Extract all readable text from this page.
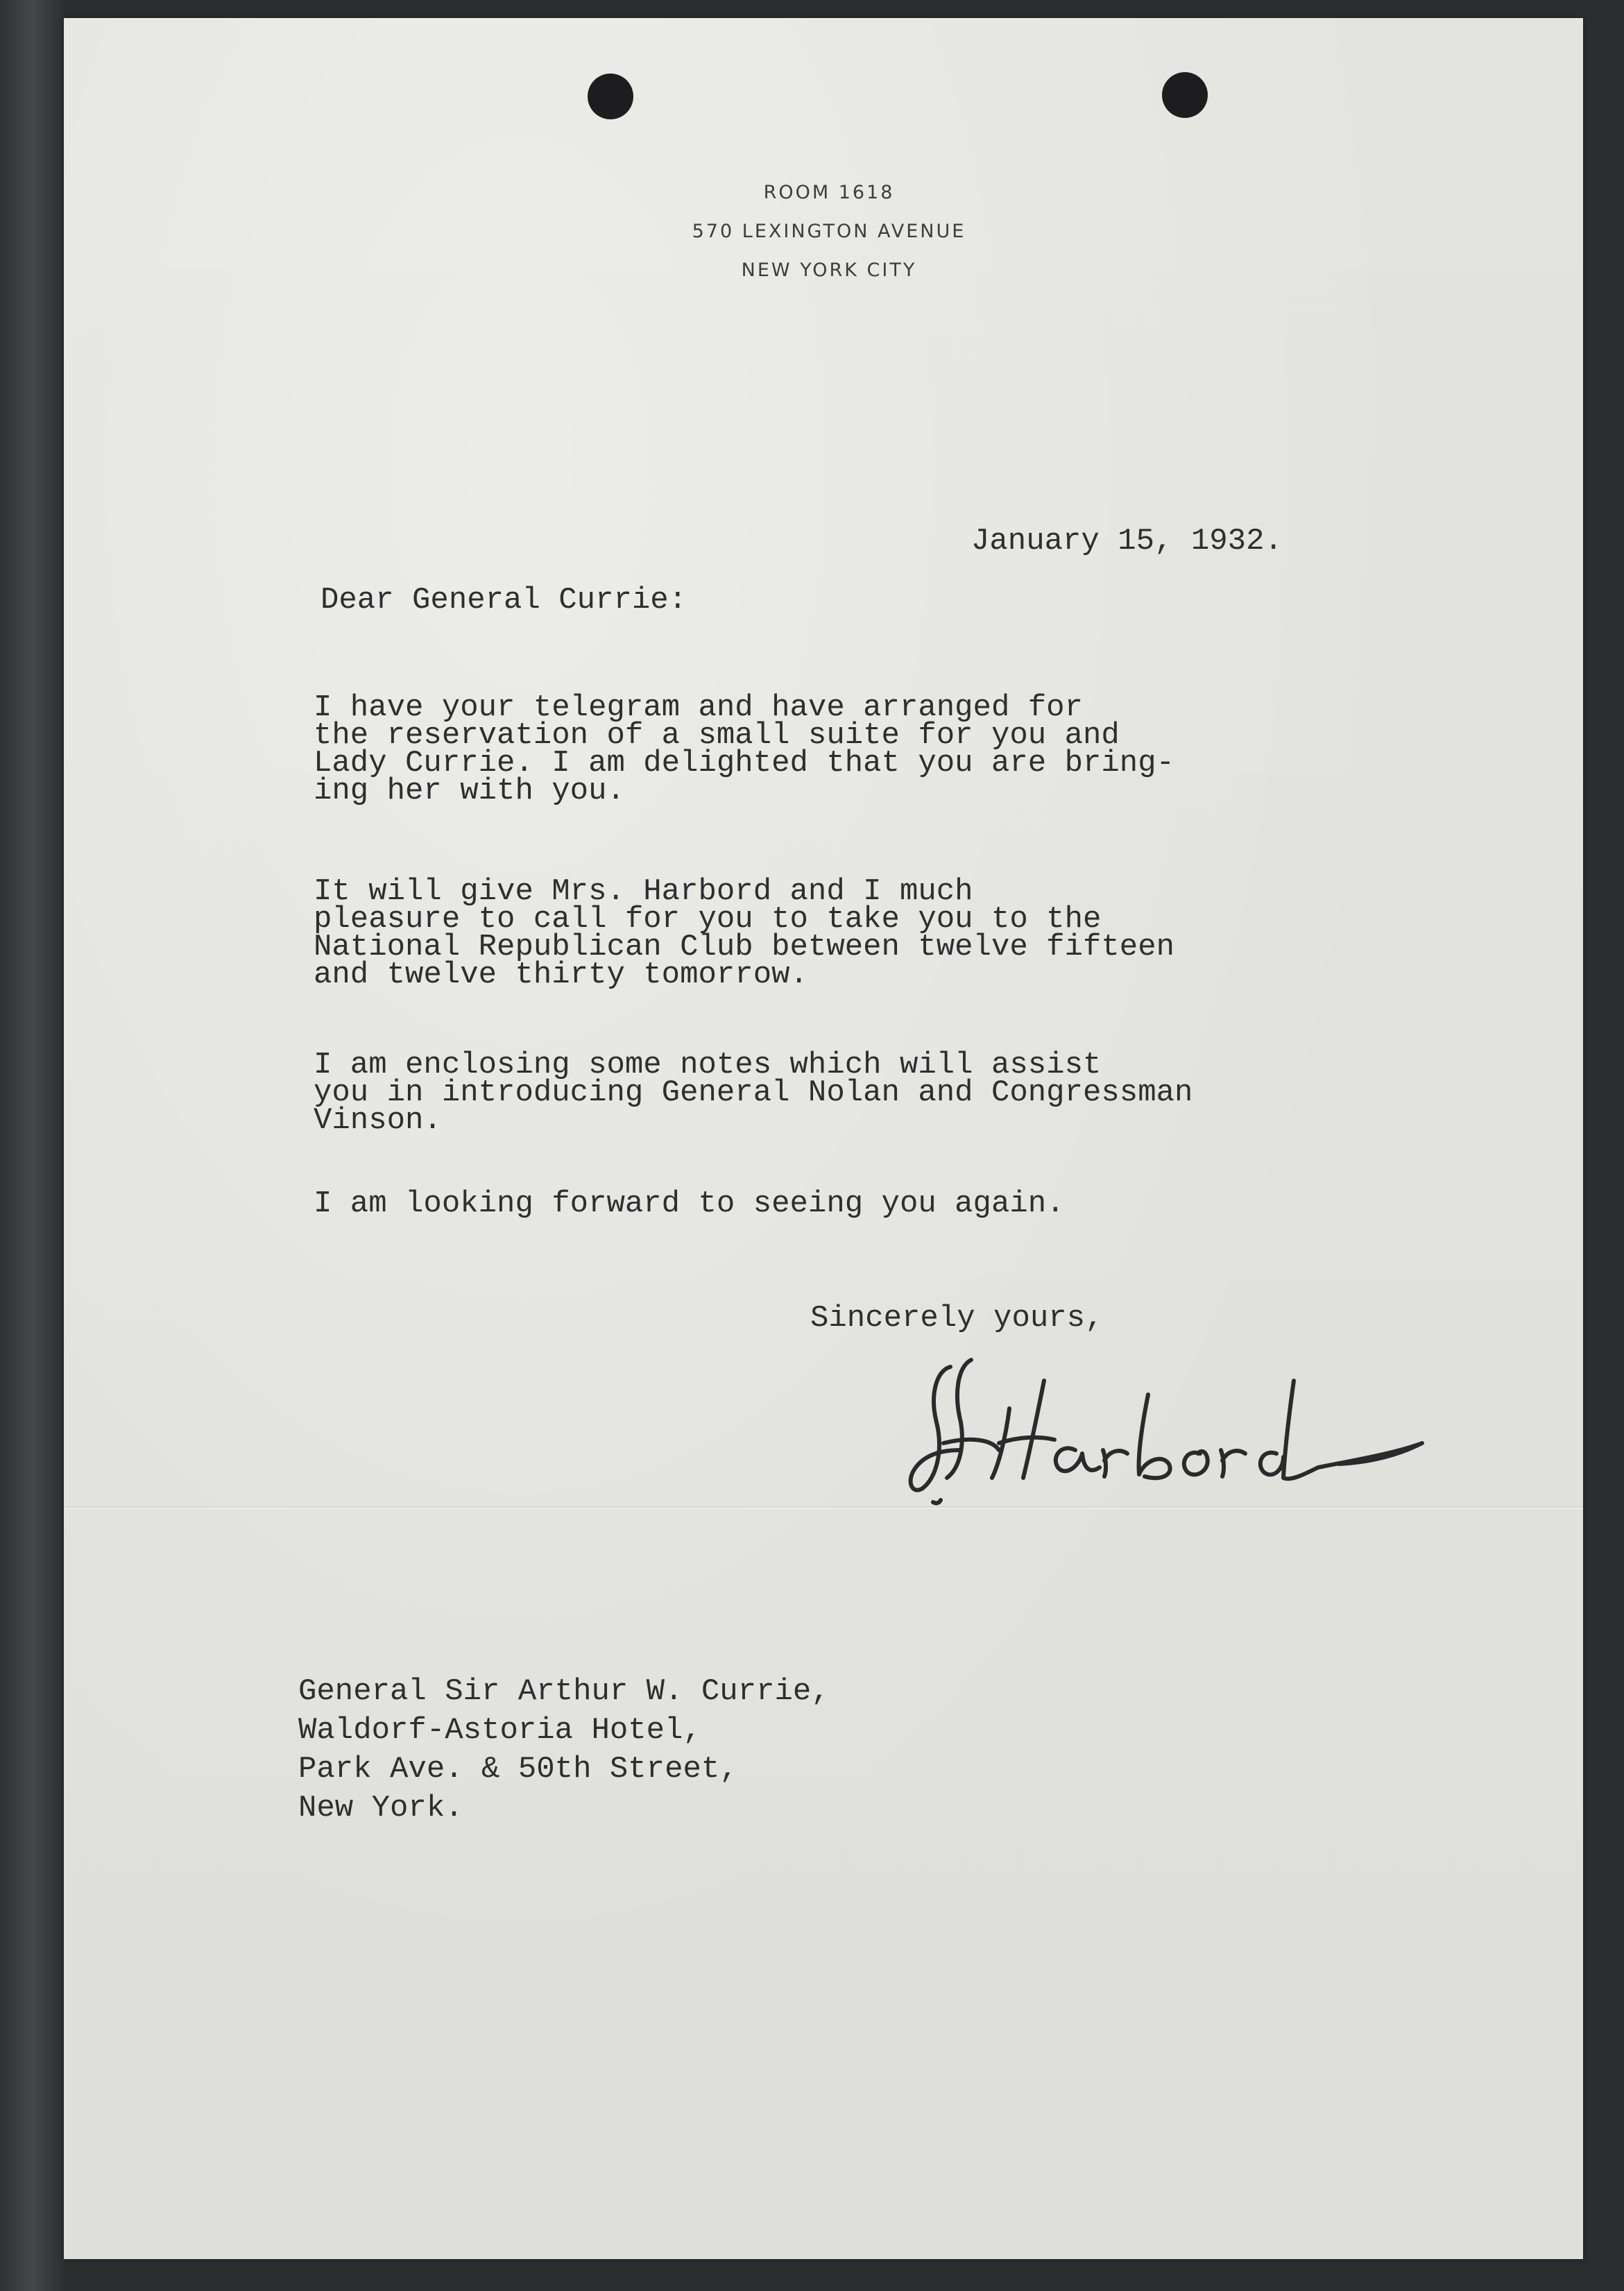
ROOM 1618
570 LEXINGTON AVENUE
NEW YORK CITY
January 15, 1932.
Dear General Currie:

I have your telegram and have arranged for
the reservation of a small suite for you and
Lady Currie. I am delighted that you are bring-
ing her with you.

It will give Mrs. Harbord and I much
pleasure to call for you to take you to the
National Republican Club between twelve fifteen
and twelve thirty tomorrow.

I am enclosing some notes which will assist
you in introducing General Nolan and Congressman
Vinson.

I am looking forward to seeing you again.

Sincerely yours,
General Sir Arthur W. Currie,
Waldorf-Astoria Hotel,
Park Ave. & 50th Street,
New York.
